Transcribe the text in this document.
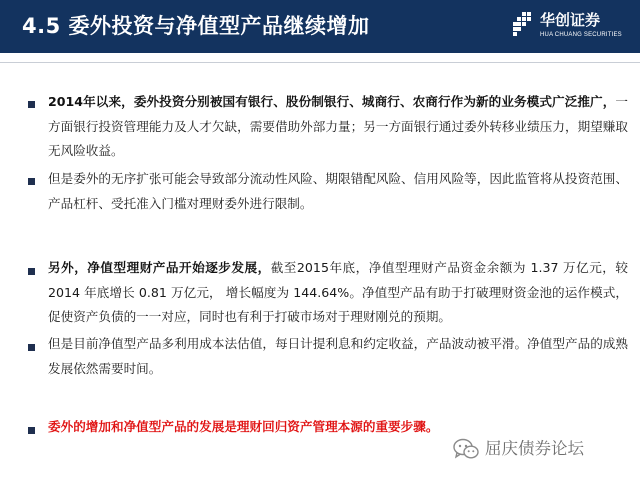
4.5 委外投资与净值型产品继续增加	华创证券
HUA CHUANG SECURITIES
2014年以来，委外投资分别被国有银行、股份制银行、城商行、农商行作为新的业务模式广泛推广，一方面银行投资管理能力及人才欠缺，需要借助外部力量；另一方面银行通过委外转移业绩压力，期望赚取无风险收益。
但是委外的无序扩张可能会导致部分流动性风险、期限错配风险、信用风险等，因此监管将从投资范围、产品杠杆、受托准入门槛对理财委外进行限制。
另外，净值型理财产品开始逐步发展，截至2015年底，净值型理财产品资金余额为 1.37 万亿元，较 2014 年底增长 0.81 万亿元， 增长幅度为 144.64%。净值型产品有助于打破理财资金池的运作模式，促使资产负债的一一对应，同时也有利于打破市场对于理财刚兑的预期。
但是目前净值型产品多利用成本法估值，每日计提利息和约定收益，产品波动被平滑。净值型产品的成熟发展依然需要时间。
委外的增加和净值型产品的发展是理财回归资产管理本源的重要步骤。
屈庆债券论坛
